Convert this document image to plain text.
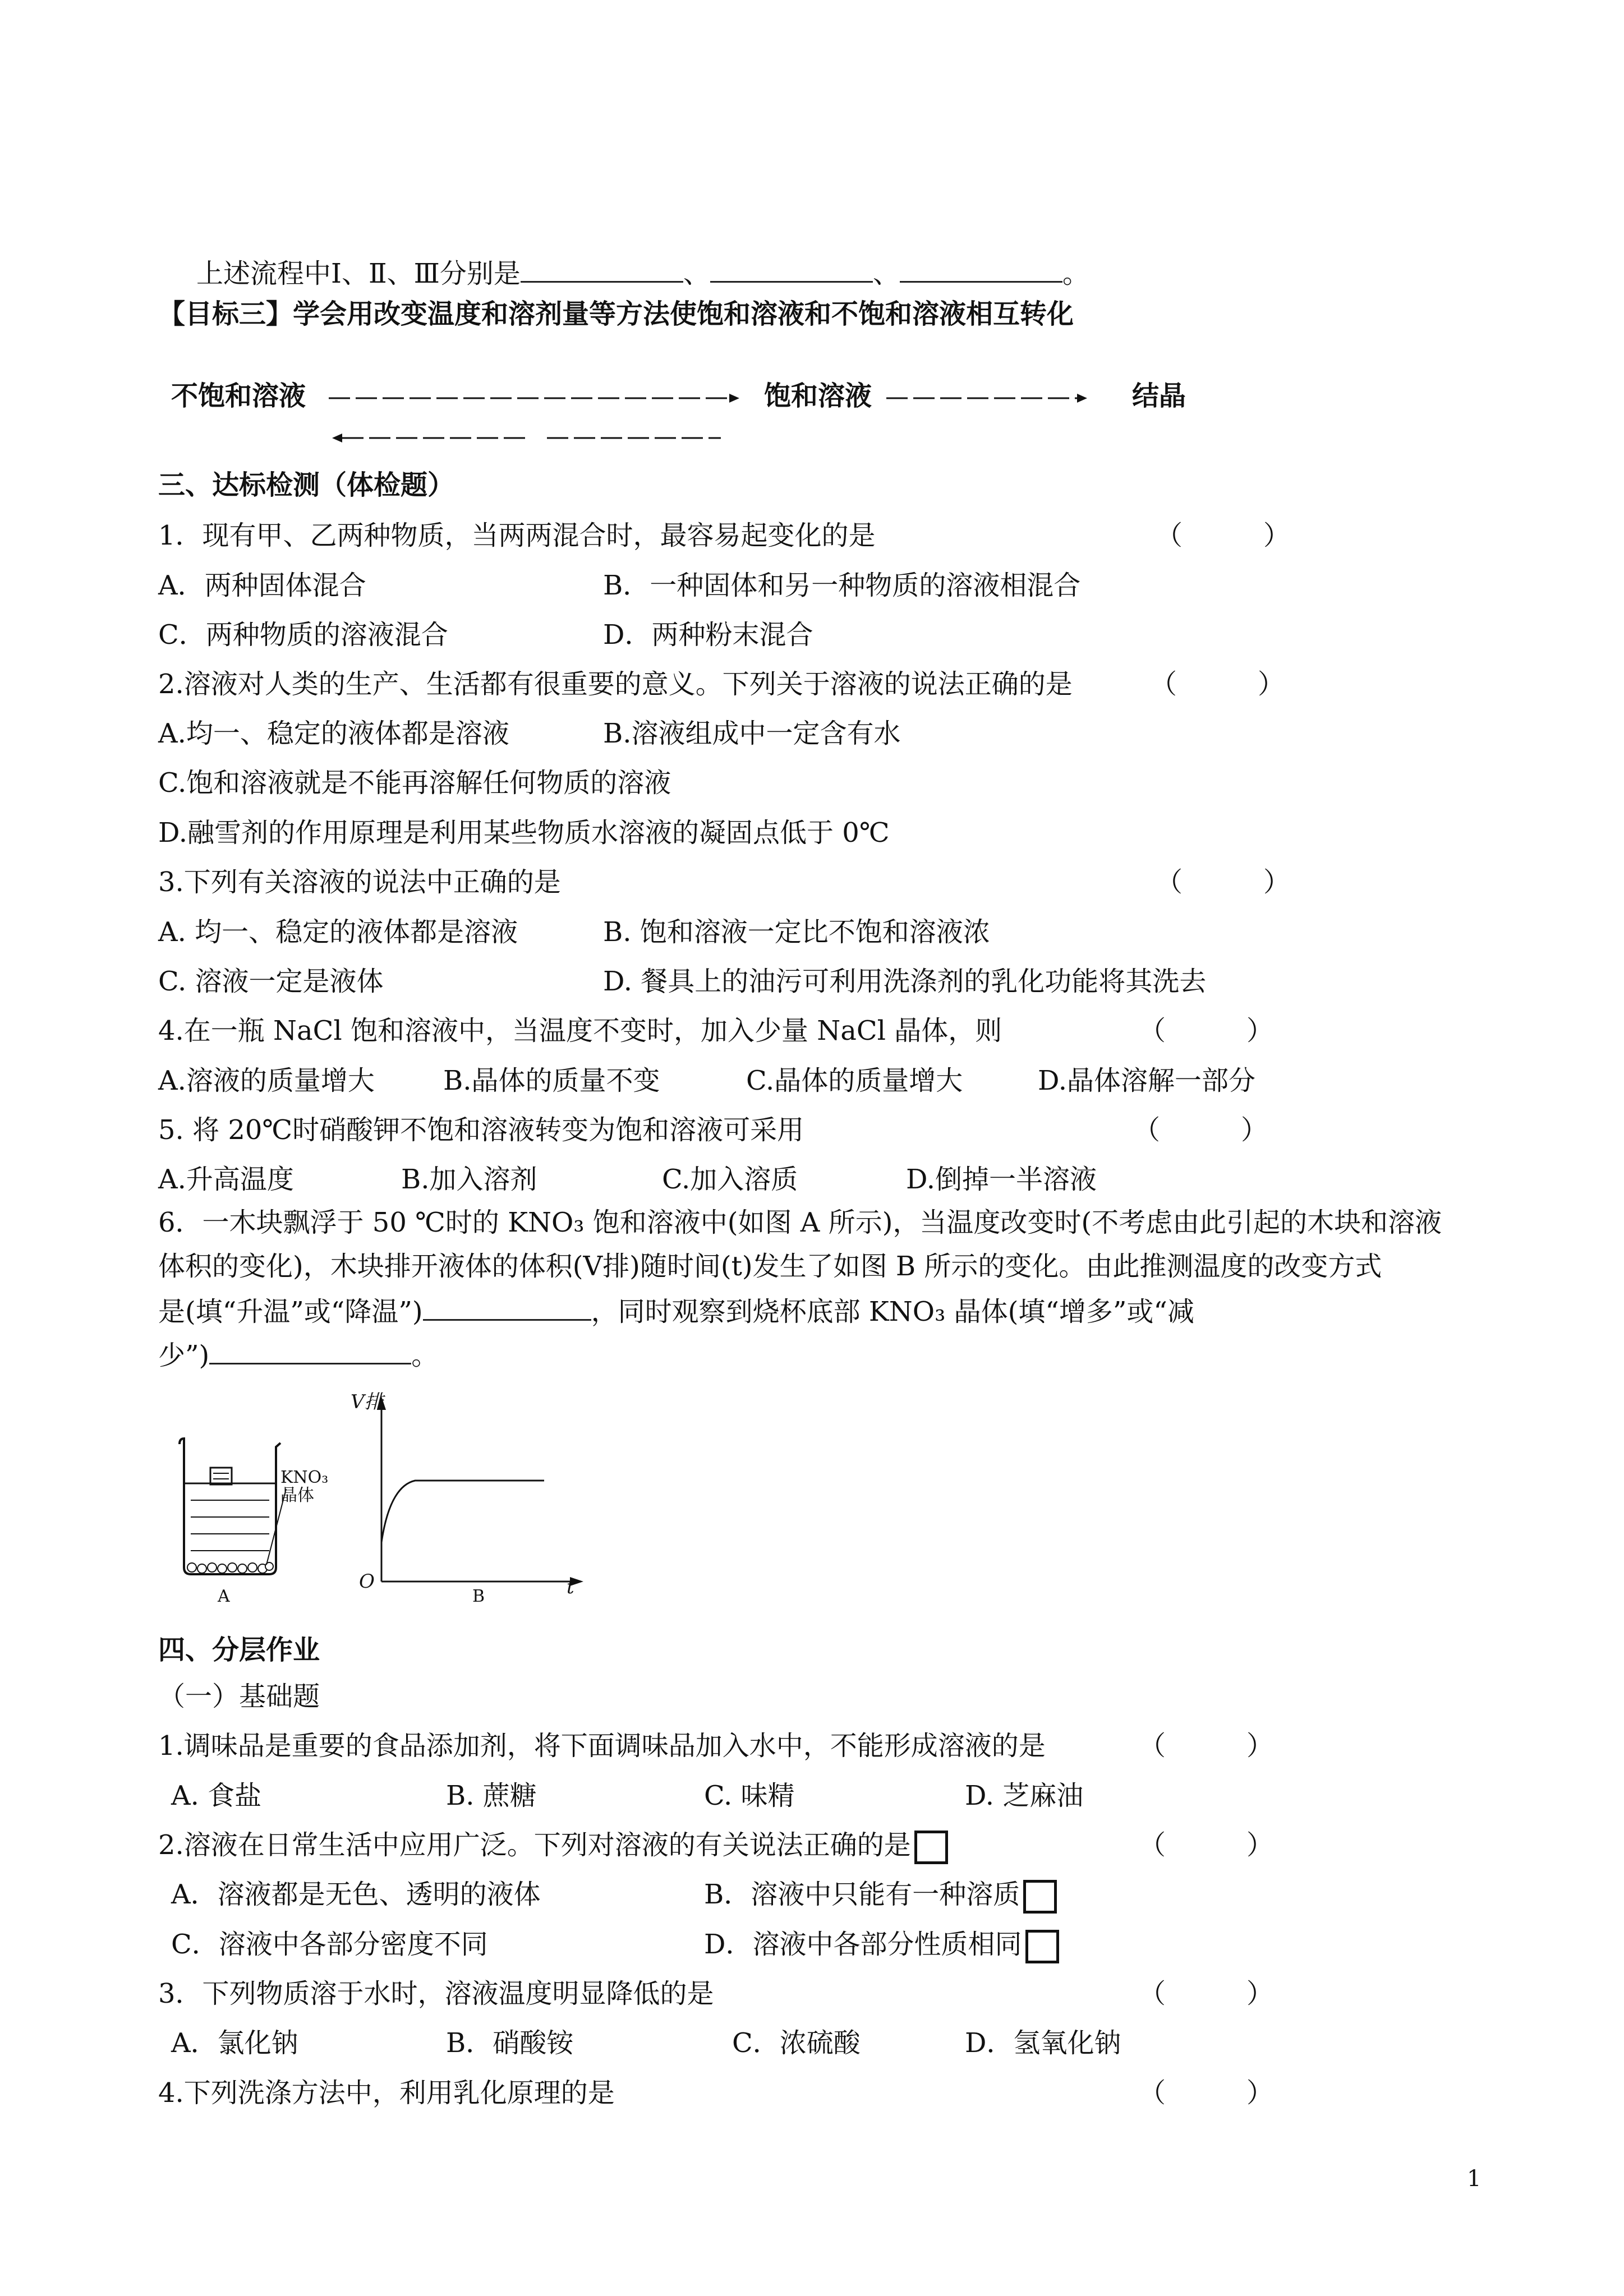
上述流程中Ⅰ、Ⅱ、Ⅲ分别是	、	、	。
【目标三】学会用改变温度和溶剂量等方法使饱和溶液和不饱和溶液相互转化
不饱和溶液	饱和溶液	结晶
三、达标检测（体检题）
1．现有甲、乙两种物质，当两两混合时，最容易起变化的是	（　　　）
A．两种固体混合	B．一种固体和另一种物质的溶液相混合
C．两种物质的溶液混合	D．两种粉末混合
2.溶液对人类的生产、生活都有很重要的意义。下列关于溶液的说法正确的是	（　　　）
A.均一、稳定的液体都是溶液	B.溶液组成中一定含有水
C.饱和溶液就是不能再溶解任何物质的溶液
D.融雪剂的作用原理是利用某些物质水溶液的凝固点低于 0℃
3.下列有关溶液的说法中正确的是	（　　　）
A. 均一、稳定的液体都是溶液	B. 饱和溶液一定比不饱和溶液浓
C. 溶液一定是液体	D. 餐具上的油污可利用洗涤剂的乳化功能将其洗去
4.在一瓶 NaCl 饱和溶液中，当温度不变时，加入少量 NaCl 晶体，则	（　　　）
A.溶液的质量增大	B.晶体的质量不变	C.晶体的质量增大	D.晶体溶解一部分
5. 将 20℃时硝酸钾不饱和溶液转变为饱和溶液可采用	（　　　）
A.升高温度	B.加入溶剂	C.加入溶质	D.倒掉一半溶液
6．一木块飘浮于 50 ℃时的 KNO₃ 饱和溶液中(如图 A 所示)，当温度改变时(不考虑由此引起的木块和溶液
体积的变化)，木块排开液体的体积(V排)随时间(t)发生了如图 B 所示的变化。由此推测温度的改变方式
是(填“升温”或“降温”)	，同时观察到烧杯底部 KNO₃ 晶体(填“增多”或“减
少”)	。
KNO₃
晶体
A
V排
t
O
B
四、分层作业
（一）基础题
1.调味品是重要的食品添加剂，将下面调味品加入水中，不能形成溶液的是	（　　　）
A. 食盐	B. 蔗糖	C. 味精	D. 芝麻油
2.溶液在日常生活中应用广泛。下列对溶液的有关说法正确的是	（　　　）
A．溶液都是无色、透明的液体	B．溶液中只能有一种溶质
C．溶液中各部分密度不同	D．溶液中各部分性质相同
3．下列物质溶于水时，溶液温度明显降低的是	（　　　）
A．氯化钠	B．硝酸铵	C．浓硫酸	D．氢氧化钠
4.下列洗涤方法中，利用乳化原理的是	（　　　）
1
